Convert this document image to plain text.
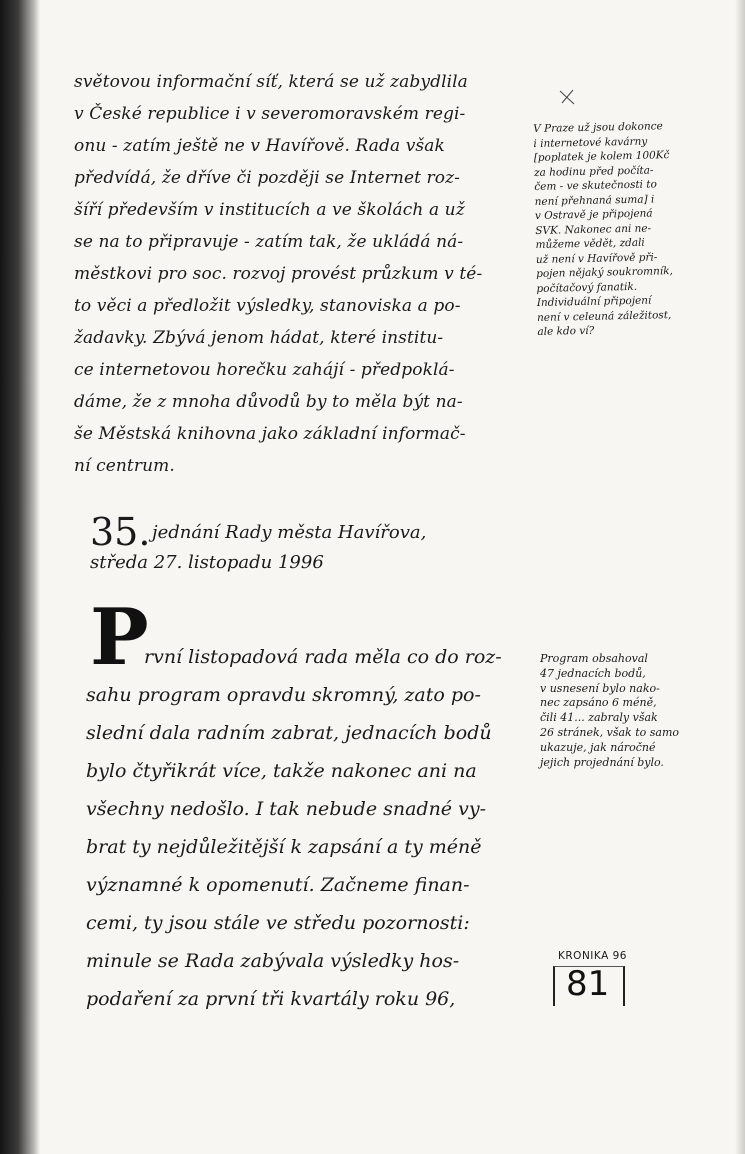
světovou informační síť, která se už zabydlila
v České republice i v severomoravském regi-
onu - zatím ještě ne v Havířově. Rada však
předvídá, že dříve či později se Internet roz-
šíří především v institucích a ve školách a už
se na to připravuje - zatím tak, že ukládá ná-
městkovi pro soc. rozvoj provést průzkum v té-
to věci a předložit výsledky, stanoviska a po-
žadavky. Zbývá jenom hádat, které institu-
ce internetovou horečku zahájí - předpoklá-
dáme, že z mnoha důvodů by to měla být na-
še Městská knihovna jako základní informač-
ní centrum.
V Praze už jsou dokonce
i internetové kavárny
[poplatek je kolem 100Kč
za hodinu před počíta-
čem - ve skutečnosti to
není přehnaná suma] i
v Ostravě je připojená
SVK. Nakonec ani ne-
můžeme vědět, zdali
už není v Havířově při-
pojen nějaký soukromník,
počítačový fanatik.
Individuální připojení
není v celeuná záležitost,
ale kdo ví?
35. jednání Rady města Havířova,
středa 27. listopadu 1996
P
rvní listopadová rada měla co do roz-
sahu program opravdu skromný, zato po-
slední dala radním zabrat, jednacích bodů
bylo čtyřikrát více, takže nakonec ani na
všechny nedošlo. I tak nebude snadné vy-
brat ty nejdůležitější k zapsání a ty méně
významné k opomenutí. Začneme finan-
cemi, ty jsou stále ve středu pozornosti:
minule se Rada zabývala výsledky hos-
podaření za první tři kvartály roku 96,
Program obsahoval
47 jednacích bodů,
v usnesení bylo nako-
nec zapsáno 6 méně,
čili 41... zabraly však
26 stránek, však to samo
ukazuje, jak náročné
jejich projednání bylo.
KRONIKA 96
81
